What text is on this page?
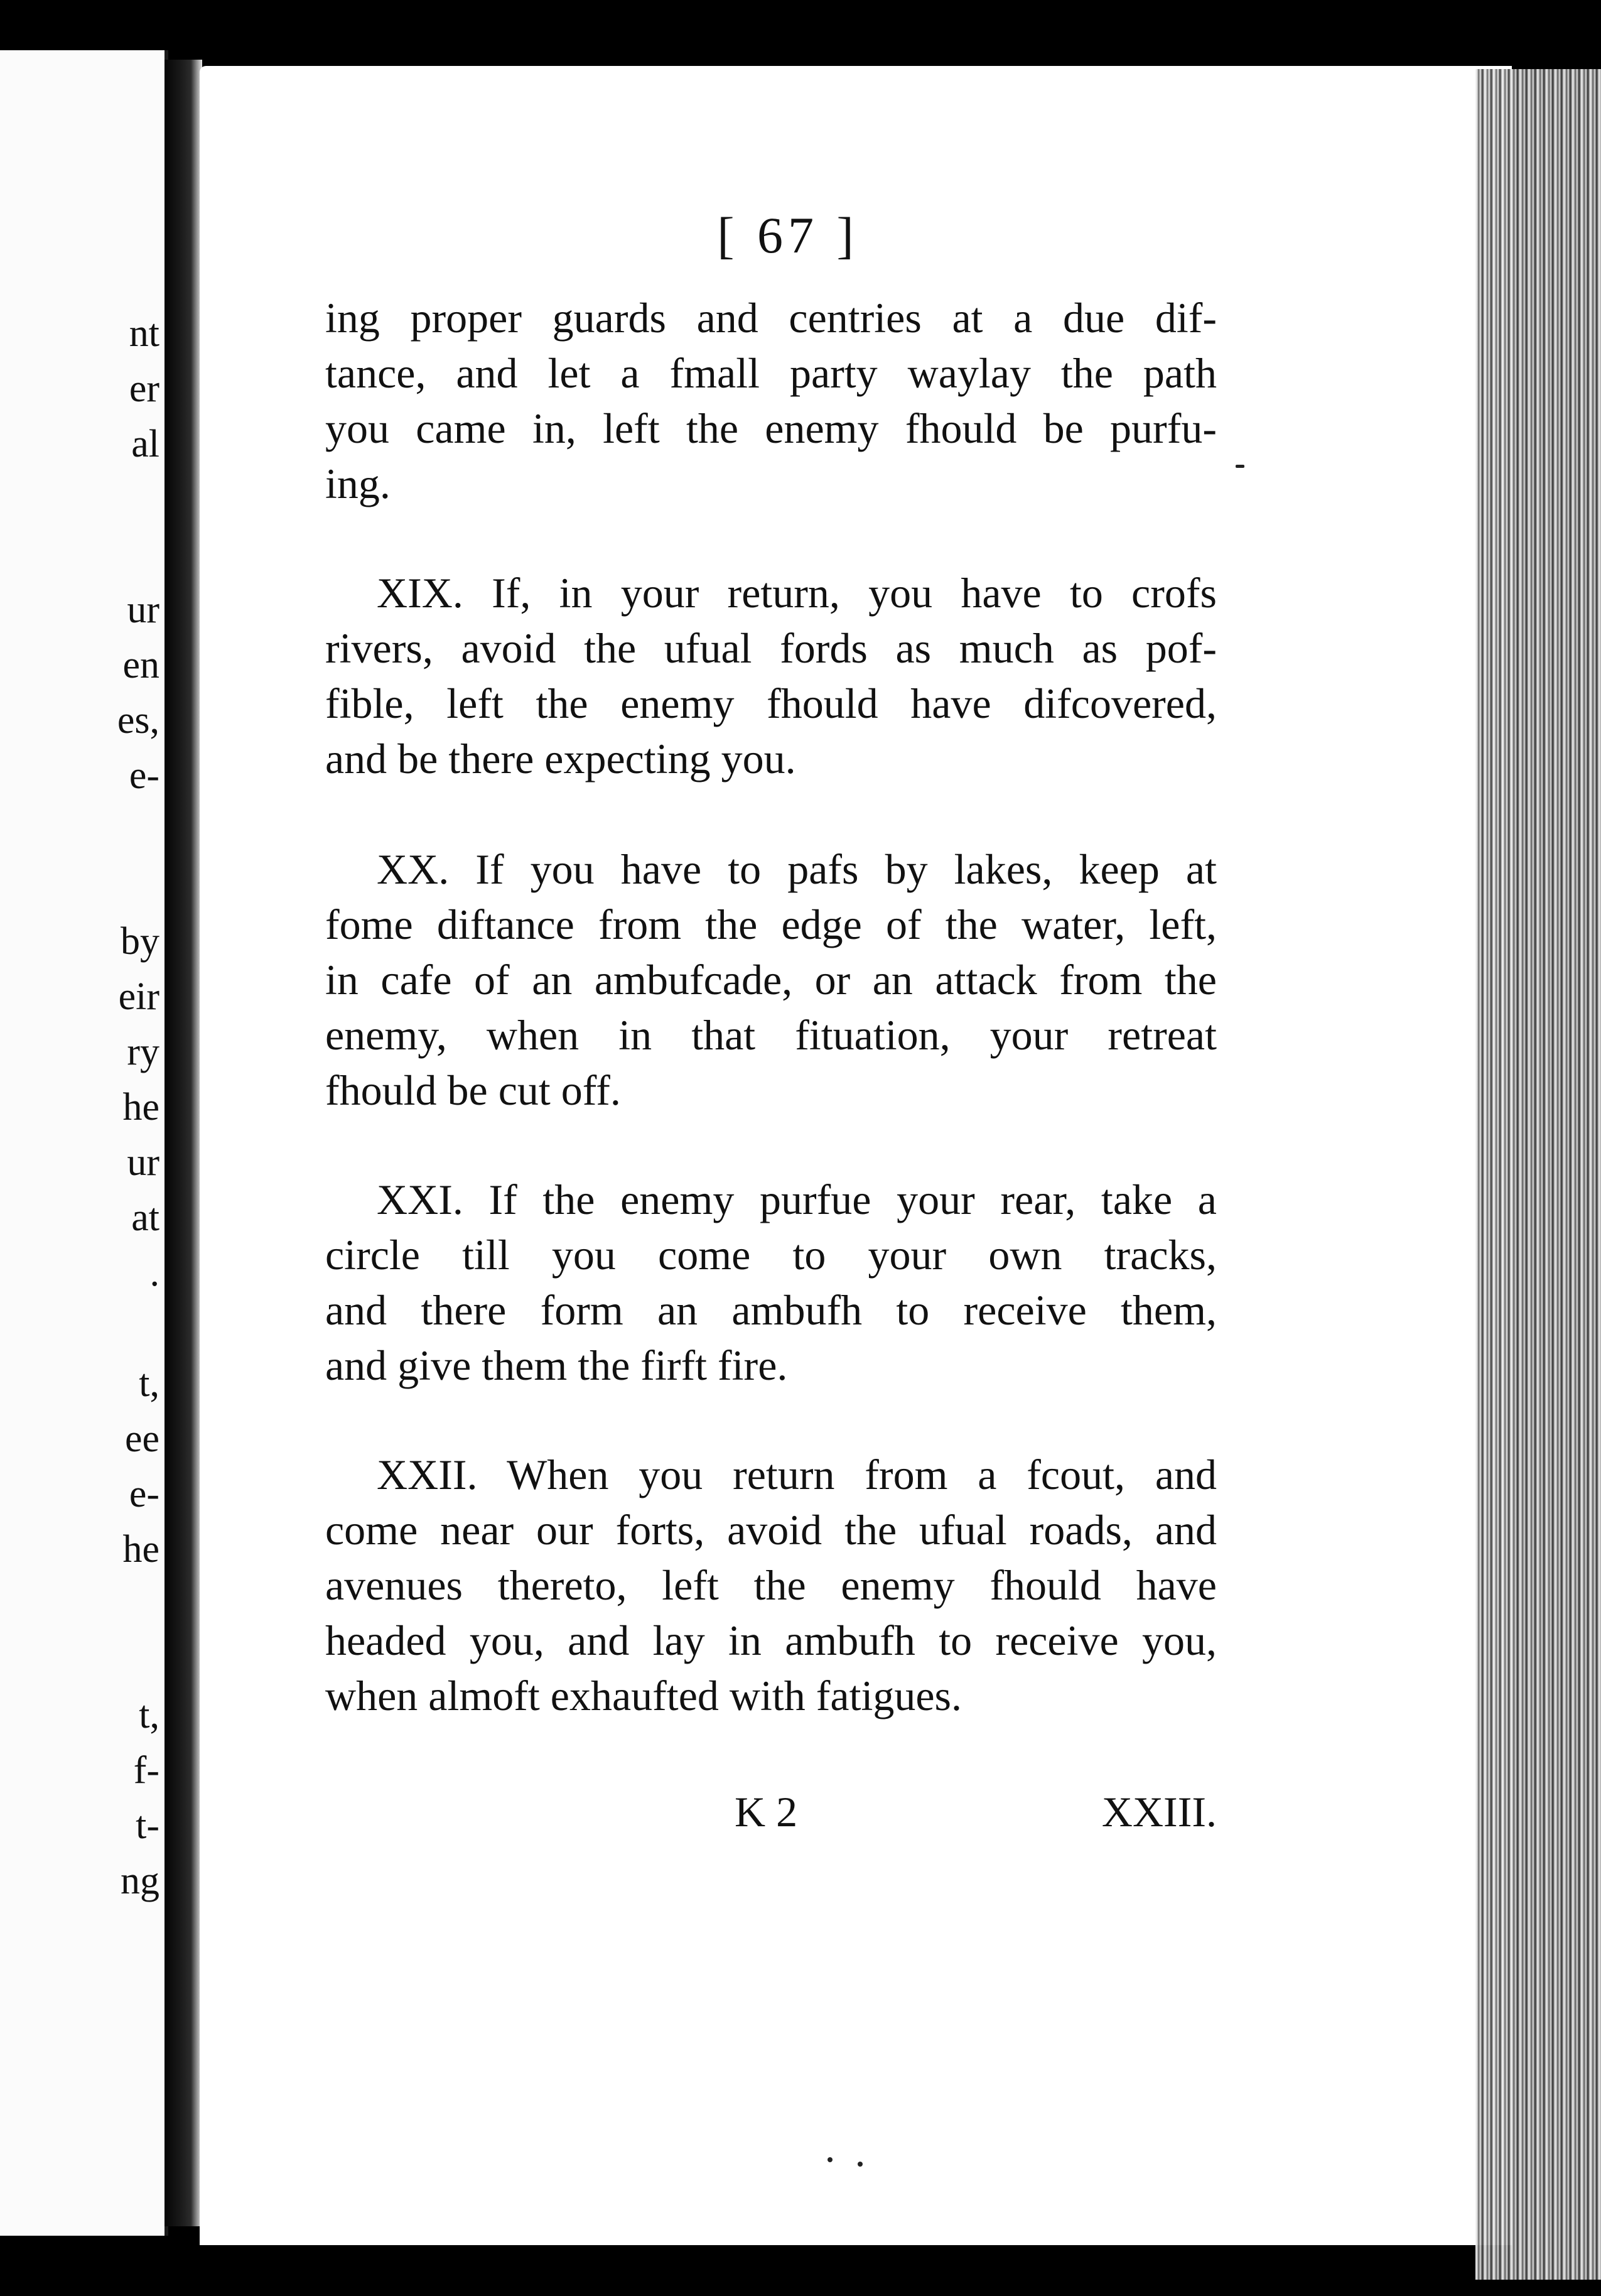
nt
er
al
ur
en
es,
e-
by
eir
ry
he
ur
at
.
t,
ee
e-
he
t,
f-
t-
ng
[ 67 ]
ing proper guards and centries at a due dif-
tance, and let a fmall party waylay the path
you came in, left the enemy fhould be purfu-
ing.
XIX. If, in your return, you have to crofs
rivers, avoid the ufual fords as much as pof-
fible, left the enemy fhould have difcovered,
and be there expecting you.
XX. If you have to pafs by lakes, keep at
fome diftance from the edge of the water, left,
in cafe of an ambufcade, or an attack from the
enemy, when in that fituation, your retreat
fhould be cut off.
XXI. If the enemy purfue your rear, take a
circle till you come to your own tracks,
and there form an ambufh to receive them,
and give them the firft fire.
XXII. When you return from a fcout, and
come near our forts, avoid the ufual roads, and
avenues thereto, left the enemy fhould have
headed you, and lay in ambufh to receive you,
when almoft exhaufted with fatigues.
K 2	XXIII.
